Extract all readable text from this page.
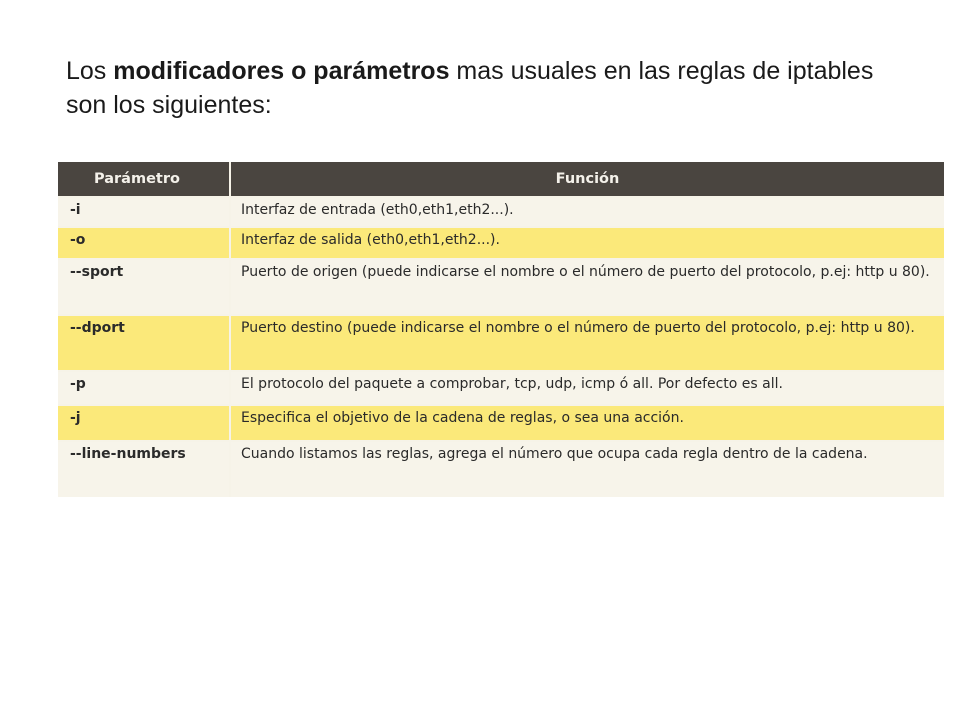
Los modificadores o parámetros mas usuales en las reglas de iptables son los siguientes:
Parámetro	Función
-i	Interfaz de entrada (eth0,eth1,eth2...).
-o	Interfaz de salida (eth0,eth1,eth2...).
--sport	Puerto de origen (puede indicarse el nombre o el número de puerto del protocolo, p.ej: http u 80).
--dport	Puerto destino (puede indicarse el nombre o el número de puerto del protocolo, p.ej: http u 80).
-p	El protocolo del paquete a comprobar, tcp, udp, icmp ó all. Por defecto es all.
-j	Especifica el objetivo de la cadena de reglas, o sea una acción.
--line-numbers	Cuando listamos las reglas, agrega el número que ocupa cada regla dentro de la cadena.
